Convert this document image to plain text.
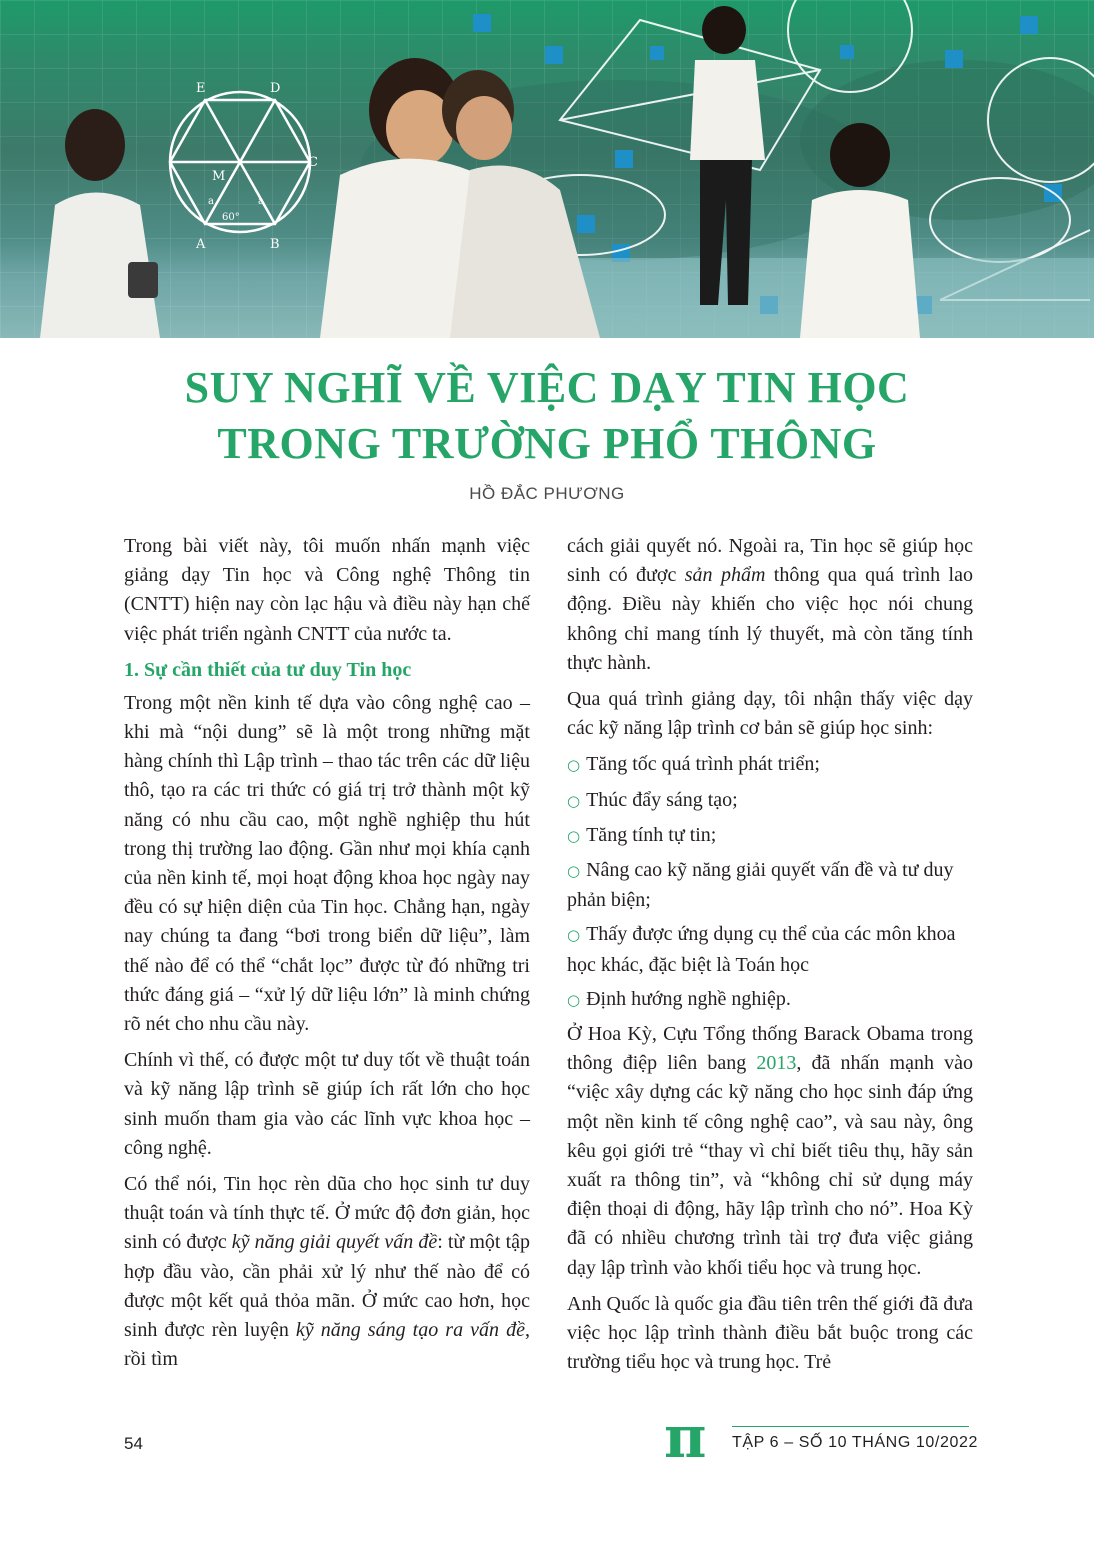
E	D
C
M
a	a
60°
A	B
SUY NGHĨ VỀ VIỆC DẠY TIN HỌC
TRONG TRƯỜNG PHỔ THÔNG
HỒ ĐẮC PHƯƠNG

Trong bài viết này, tôi muốn nhấn mạnh việc giảng dạy Tin học và Công nghệ Thông tin (CNTT) hiện nay còn lạc hậu và điều này hạn chế việc phát triển ngành CNTT của nước ta.

1. Sự cần thiết của tư duy Tin học

Trong một nền kinh tế dựa vào công nghệ cao – khi mà “nội dung” sẽ là một trong những mặt hàng chính thì Lập trình – thao tác trên các dữ liệu thô, tạo ra các tri thức có giá trị trở thành một kỹ năng có nhu cầu cao, một nghề nghiệp thu hút trong thị trường lao động. Gần như mọi khía cạnh của nền kinh tế, mọi hoạt động khoa học ngày nay đều có sự hiện diện của Tin học. Chẳng hạn, ngày nay chúng ta đang “bơi trong biển dữ liệu”, làm thế nào để có thể “chắt lọc” được từ đó những tri thức đáng giá – “xử lý dữ liệu lớn” là minh chứng rõ nét cho nhu cầu này.

Chính vì thế, có được một tư duy tốt về thuật toán và kỹ năng lập trình sẽ giúp ích rất lớn cho học sinh muốn tham gia vào các lĩnh vực khoa học – công nghệ.

Có thể nói, Tin học rèn dũa cho học sinh tư duy thuật toán và tính thực tế. Ở mức độ đơn giản, học sinh có được kỹ năng giải quyết vấn đề: từ một tập hợp đầu vào, cần phải xử lý như thế nào để có được một kết quả thỏa mãn. Ở mức cao hơn, học sinh được rèn luyện kỹ năng sáng tạo ra vấn đề, rồi tìm

cách giải quyết nó. Ngoài ra, Tin học sẽ giúp học sinh có được sản phẩm thông qua quá trình lao động. Điều này khiến cho việc học nói chung không chỉ mang tính lý thuyết, mà còn tăng tính thực hành.

Qua quá trình giảng dạy, tôi nhận thấy việc dạy các kỹ năng lập trình cơ bản sẽ giúp học sinh:

○ Tăng tốc quá trình phát triển;
○ Thúc đẩy sáng tạo;
○ Tăng tính tự tin;
○ Nâng cao kỹ năng giải quyết vấn đề và tư duy phản biện;
○ Thấy được ứng dụng cụ thể của các môn khoa học khác, đặc biệt là Toán học
○ Định hướng nghề nghiệp.

Ở Hoa Kỳ, Cựu Tổng thống Barack Obama trong thông điệp liên bang 2013, đã nhấn mạnh vào “việc xây dựng các kỹ năng cho học sinh đáp ứng một nền kinh tế công nghệ cao”, và sau này, ông kêu gọi giới trẻ “thay vì chỉ biết tiêu thụ, hãy sản xuất ra thông tin”, và “không chỉ sử dụng máy điện thoại di động, hãy lập trình cho nó”. Hoa Kỳ đã có nhiều chương trình tài trợ đưa việc giảng dạy lập trình vào khối tiểu học và trung học.

Anh Quốc là quốc gia đầu tiên trên thế giới đã đưa việc học lập trình thành điều bắt buộc trong các trường tiểu học và trung học. Trẻ

54	π TẬP 6 – SỐ 10 THÁNG 10/2022
